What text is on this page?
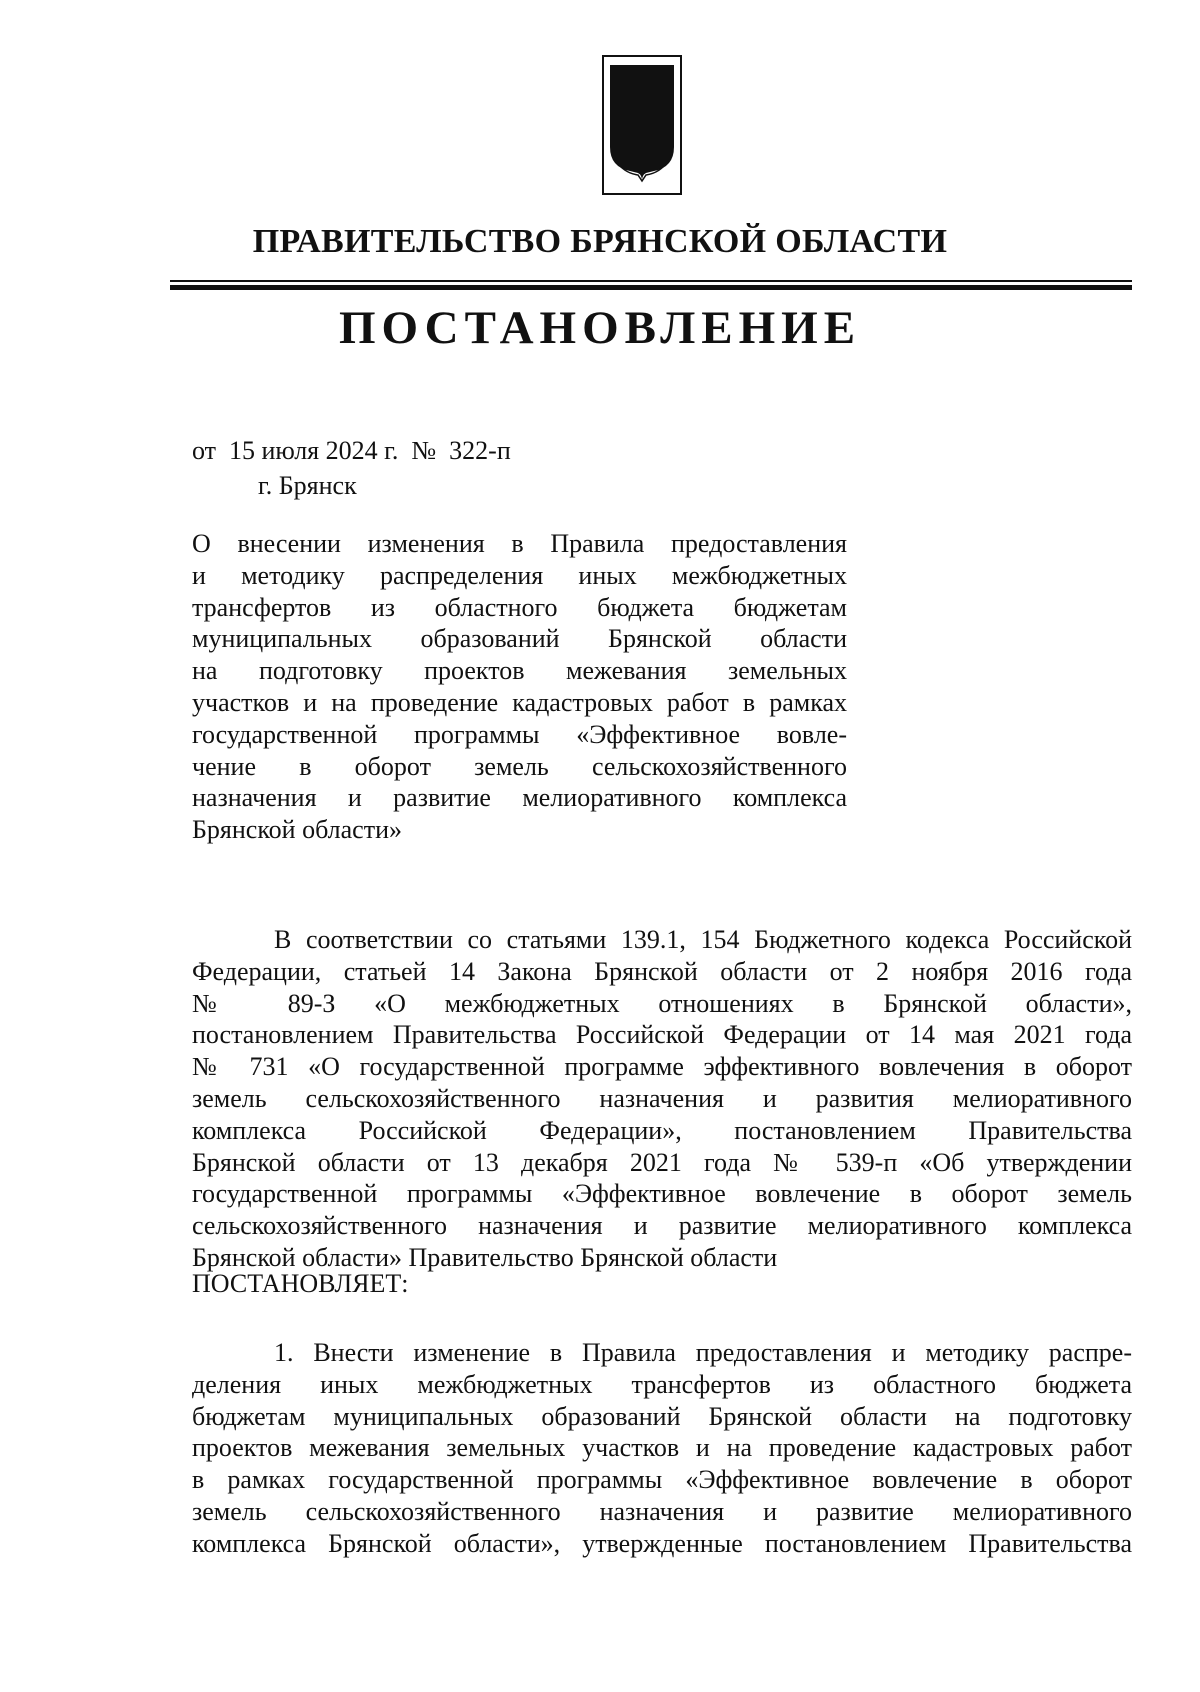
ПРАВИТЕЛЬСТВО БРЯНСКОЙ ОБЛАСТИ
ПОСТАНОВЛЕНИЕ
от  15 июля 2024 г.  №  322-п
г. Брянск
О внесении изменения в Правила предоставления
и методику распределения иных межбюджетных
трансфертов из областного бюджета бюджетам
муниципальных образований Брянской области
на подготовку проектов межевания земельных
участков и на проведение кадастровых работ в рамках
государственной программы «Эффективное вовле-
чение в оборот земель сельскохозяйственного
назначения и развитие мелиоративного комплекса
Брянской области»
В соответствии со статьями 139.1, 154 Бюджетного кодекса Российской
Федерации, статьей 14 Закона Брянской области от 2 ноября 2016 года
№ 89-З «О межбюджетных отношениях в Брянской области»,
постановлением Правительства Российской Федерации от 14 мая 2021 года
№ 731 «О государственной программе эффективного вовлечения в оборот
земель сельскохозяйственного назначения и развития мелиоративного
комплекса Российской Федерации», постановлением Правительства
Брянской области от 13 декабря 2021 года № 539-п «Об утверждении
государственной программы «Эффективное вовлечение в оборот земель
сельскохозяйственного назначения и развитие мелиоративного комплекса
Брянской области» Правительство Брянской области
ПОСТАНОВЛЯЕТ:
1. Внести изменение в Правила предоставления и методику распре-
деления иных межбюджетных трансфертов из областного бюджета
бюджетам муниципальных образований Брянской области на подготовку
проектов межевания земельных участков и на проведение кадастровых работ
в рамках государственной программы «Эффективное вовлечение в оборот
земель сельскохозяйственного назначения и развитие мелиоративного
комплекса Брянской области», утвержденные постановлением Правительства
